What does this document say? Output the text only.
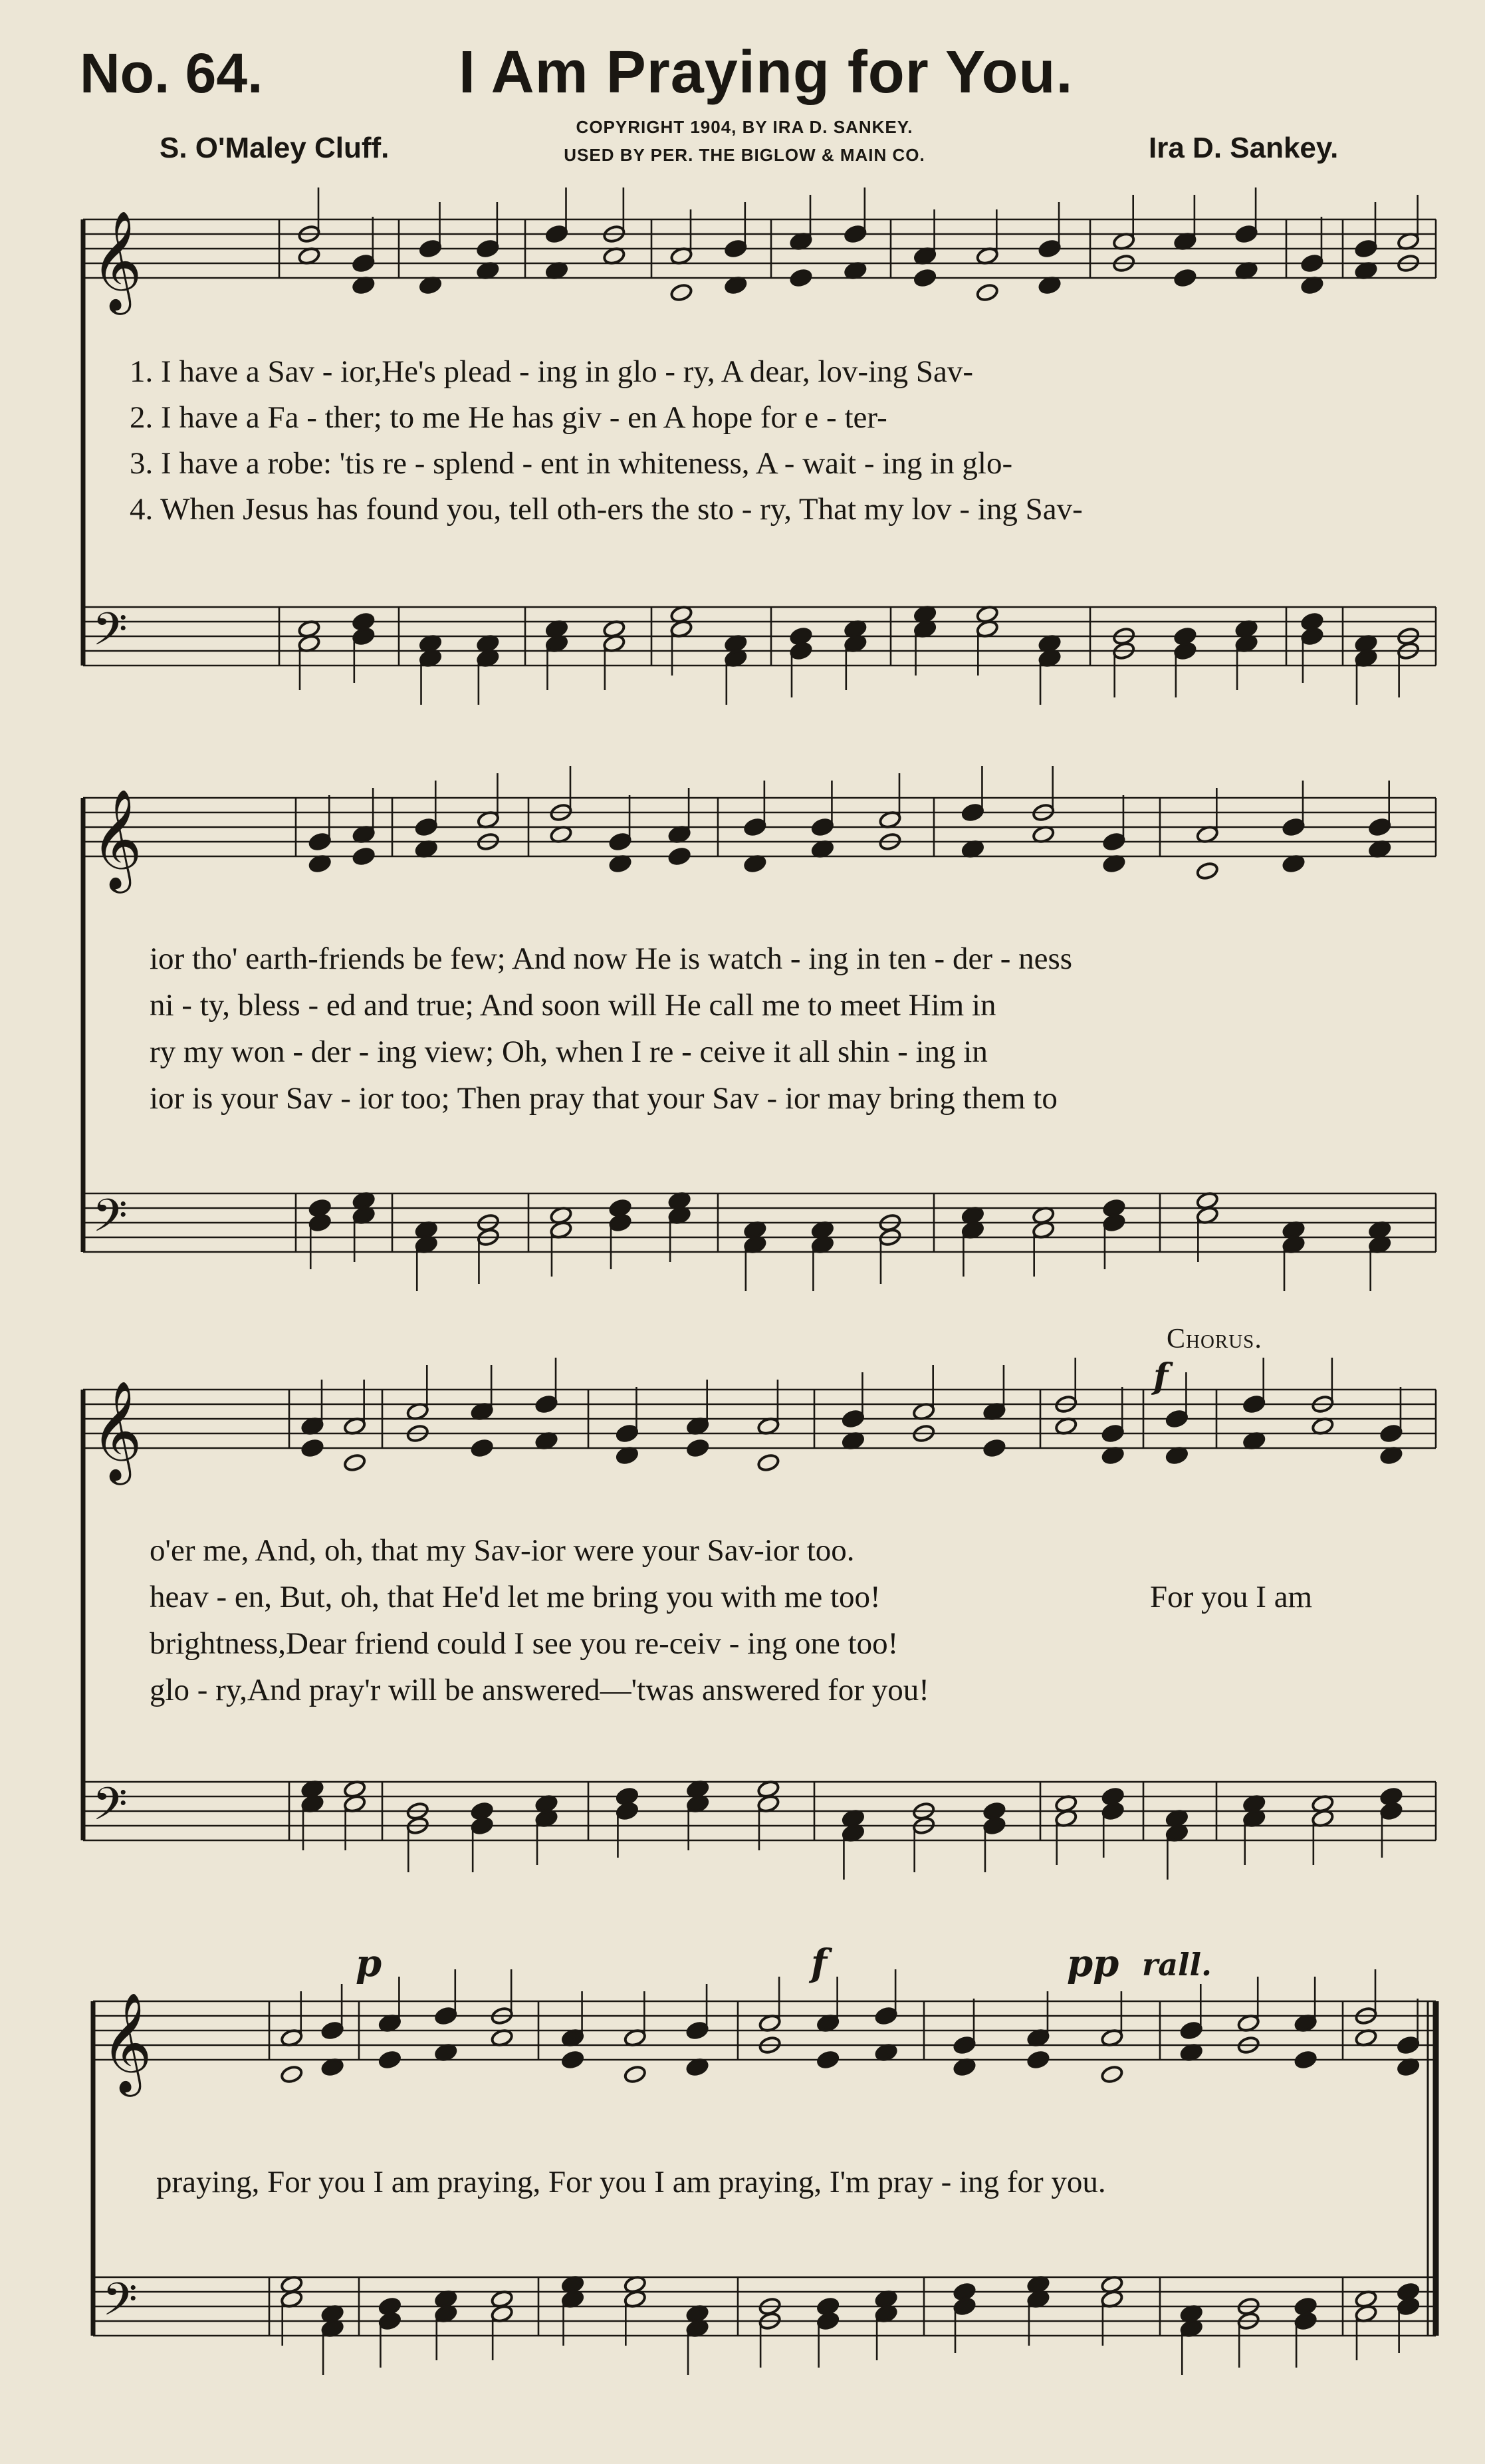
No. 64.	I Am Praying for You.
COPYRIGHT 1904, BY IRA D. SANKEY.
USED BY PER. THE BIGLOW & MAIN CO.
S. O'Maley Cluff.	Ira D. Sankey.
𝄞
𝄢
𝄞
𝄢
𝄞
𝄢
𝄞
𝄢
1. I have a Sav - ior,He's plead - ing in glo - ry, A dear, lov-ing Sav-
2. I have a Fa - ther; to me He has giv - en A hope for e - ter-
3. I have a robe: 'tis re - splend - ent in whiteness, A - wait - ing in glo-
4. When Jesus has found you, tell oth-ers the sto - ry, That my lov - ing Sav-
ior tho' earth-friends be few; And now He is watch - ing in ten - der - ness
ni - ty, bless - ed and true; And soon will He call me to meet Him in
ry my won - der - ing view; Oh, when I re - ceive it all shin - ing in
ior is your Sav - ior too; Then pray that your Sav - ior may bring them to
Chorus.
f
o'er me, And, oh, that my Sav-ior were your Sav-ior too.
heav - en, But, oh, that He'd let me bring you with me too!
brightness,Dear friend could I see you re-ceiv - ing one too!
glo - ry,And pray'r will be answered—'twas answered for you!
For you I am
p	f	pp rall.
praying, For you I am praying, For you I am praying, I'm pray - ing for you.
